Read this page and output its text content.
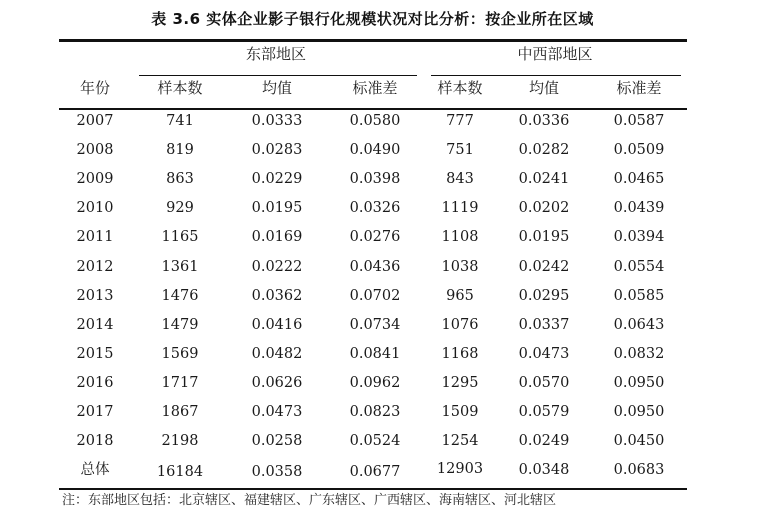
表 3.6 实体企业影子银行化规模状况对比分析：按企业所在区域
东部地区	中西部地区
年份	样本数	均值	标准差	样本数	均值	标准差
2007	741	0.0333	0.0580	777	0.0336	0.0587
2008	819	0.0283	0.0490	751	0.0282	0.0509
2009	863	0.0229	0.0398	843	0.0241	0.0465
2010	929	0.0195	0.0326	1119	0.0202	0.0439
2011	1165	0.0169	0.0276	1108	0.0195	0.0394
2012	1361	0.0222	0.0436	1038	0.0242	0.0554
2013	1476	0.0362	0.0702	965	0.0295	0.0585
2014	1479	0.0416	0.0734	1076	0.0337	0.0643
2015	1569	0.0482	0.0841	1168	0.0473	0.0832
2016	1717	0.0626	0.0962	1295	0.0570	0.0950
2017	1867	0.0473	0.0823	1509	0.0579	0.0950
2018	2198	0.0258	0.0524	1254	0.0249	0.0450
总体	16184	0.0358	0.0677	12903	0.0348	0.0683
注：东部地区包括：北京辖区、福建辖区、广东辖区、广西辖区、海南辖区、河北辖区
